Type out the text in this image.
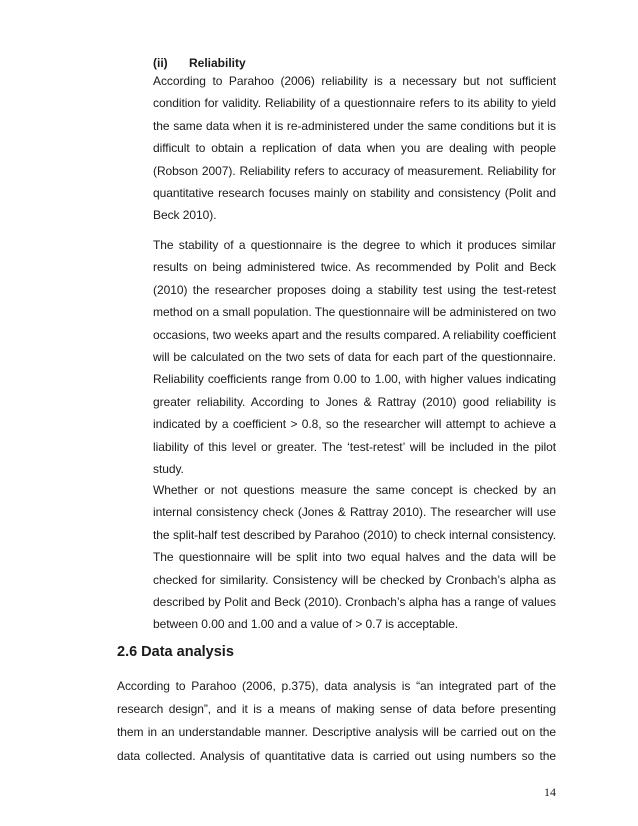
(ii) Reliability

According to Parahoo (2006) reliability is a necessary but not sufficient condition for validity. Reliability of a questionnaire refers to its ability to yield the same data when it is re-administered under the same conditions but it is difficult to obtain a replication of data when you are dealing with people (Robson 2007). Reliability refers to accuracy of measurement. Reliability for quantitative research focuses mainly on stability and consistency (Polit and Beck 2010).

The stability of a questionnaire is the degree to which it produces similar results on being administered twice. As recommended by Polit and Beck (2010) the researcher proposes doing a stability test using the test-retest method on a small population. The questionnaire will be administered on two occasions, two weeks apart and the results compared. A reliability coefficient will be calculated on the two sets of data for each part of the questionnaire. Reliability coefficients range from 0.00 to 1.00, with higher values indicating greater reliability. According to Jones & Rattray (2010) good reliability is indicated by a coefficient > 0.8, so the researcher will attempt to achieve a liability of this level or greater. The ‘test-retest’ will be included in the pilot study.

Whether or not questions measure the same concept is checked by an internal consistency check (Jones & Rattray 2010). The researcher will use the split-half test described by Parahoo (2010) to check internal consistency. The questionnaire will be split into two equal halves and the data will be checked for similarity. Consistency will be checked by Cronbach’s alpha as described by Polit and Beck (2010). Cronbach’s alpha has a range of values between 0.00 and 1.00 and a value of > 0.7 is acceptable.

2.6 Data analysis

According to Parahoo (2006, p.375), data analysis is “an integrated part of the research design”, and it is a means of making sense of data before presenting them in an understandable manner. Descriptive analysis will be carried out on the data collected. Analysis of quantitative data is carried out using numbers so the

14
